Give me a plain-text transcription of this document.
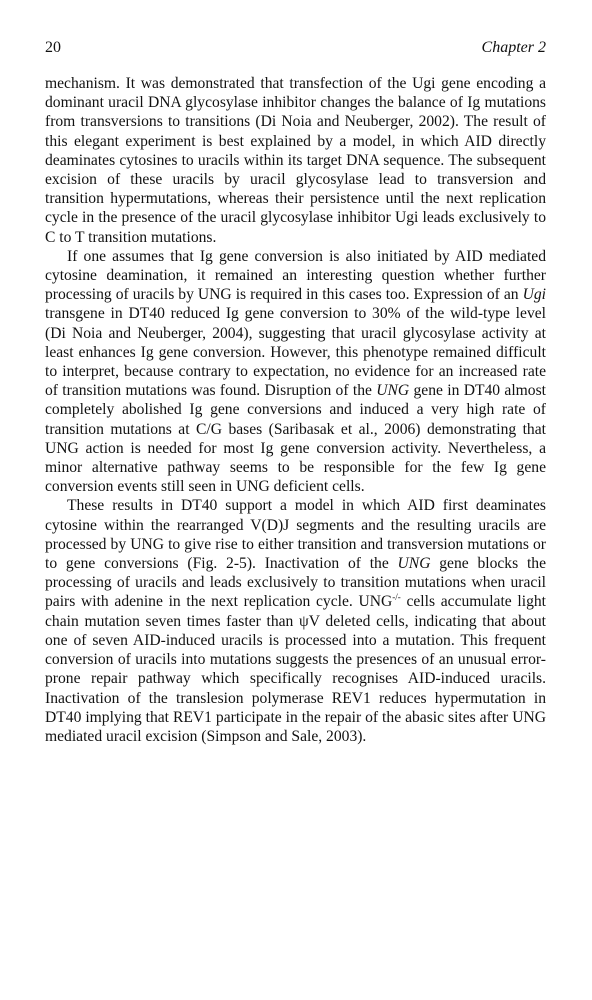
20	Chapter 2

mechanism. It was demonstrated that transfection of the Ugi gene encoding a dominant uracil DNA glycosylase inhibitor changes the balance of Ig mutations from transversions to transitions (Di Noia and Neuberger, 2002). The result of this elegant experiment is best explained by a model, in which AID directly deaminates cytosines to uracils within its target DNA sequence. The subsequent excision of these uracils by uracil glycosylase lead to transversion and transition hypermutations, whereas their persistence until the next replication cycle in the presence of the uracil glycosylase inhibitor Ugi leads exclusively to C to T transition mutations.

If one assumes that Ig gene conversion is also initiated by AID mediated cytosine deamination, it remained an interesting question whether further processing of uracils by UNG is required in this cases too. Expression of an Ugi transgene in DT40 reduced Ig gene conversion to 30% of the wild-type level (Di Noia and Neuberger, 2004), suggesting that uracil glycosylase activity at least enhances Ig gene conversion. However, this phenotype remained difficult to interpret, because contrary to expectation, no evidence for an increased rate of transition mutations was found. Disruption of the UNG gene in DT40 almost completely abolished Ig gene conversions and induced a very high rate of transition mutations at C/G bases (Saribasak et al., 2006) demonstrating that UNG action is needed for most Ig gene conversion activity. Nevertheless, a minor alternative pathway seems to be responsible for the few Ig gene conversion events still seen in UNG deficient cells.

These results in DT40 support a model in which AID first deaminates cytosine within the rearranged V(D)J segments and the resulting uracils are processed by UNG to give rise to either transition and transversion mutations or to gene conversions (Fig. 2-5). Inactivation of the UNG gene blocks the processing of uracils and leads exclusively to transition mutations when uracil pairs with adenine in the next replication cycle. UNG-/- cells accumulate light chain mutation seven times faster than ψV deleted cells, indicating that about one of seven AID-induced uracils is processed into a mutation. This frequent conversion of uracils into mutations suggests the presences of an unusual error-prone repair pathway which specifically recognises AID-induced uracils. Inactivation of the translesion polymerase REV1 reduces hypermutation in DT40 implying that REV1 participate in the repair of the abasic sites after UNG mediated uracil excision (Simpson and Sale, 2003).
